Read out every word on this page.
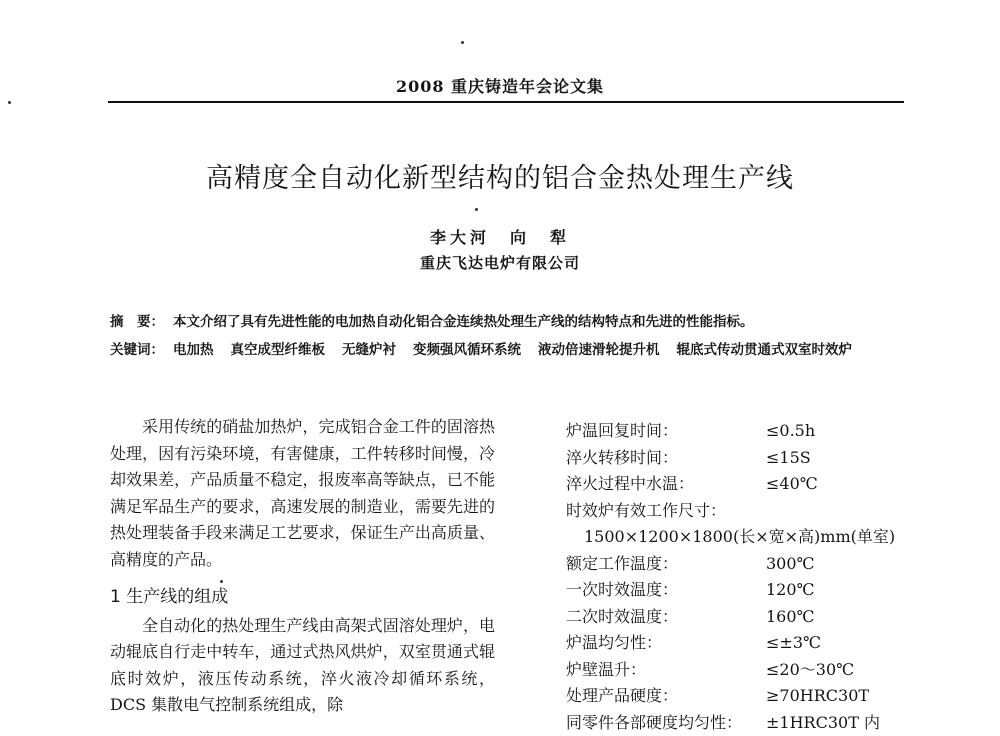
2008 重庆铸造年会论文集
高精度全自动化新型结构的铝合金热处理生产线
李大河　向　犁
重庆飞达电炉有限公司
摘　要： 本文介绍了具有先进性能的电加热自动化铝合金连续热处理生产线的结构特点和先进的性能指标。
关键词： 电加热 真空成型纤维板 无缝炉衬 变频强风循环系统 液动倍速滑轮提升机 辊底式传动贯通式双室时效炉

采用传统的硝盐加热炉，完成铝合金工件的固溶热处理，因有污染环境，有害健康，工件转移时间慢，冷却效果差，产品质量不稳定，报废率高等缺点，已不能满足军品生产的要求，高速发展的制造业，需要先进的热处理装备手段来满足工艺要求，保证生产出高质量、高精度的产品。

1 生产线的组成

全自动化的热处理生产线由高架式固溶处理炉，电动辊底自行走中转车，通过式热风烘炉，双室贯通式辊底时效炉，液压传动系统，淬火液冷却循环系统，DCS 集散电气控制系统组成，除

炉温回复时间：	≤0.5h
淬火转移时间：	≤15S
淬火过程中水温：	≤40℃
时效炉有效工作尺寸：
1500×1200×1800(长×宽×高)mm(单室)
额定工作温度：	300℃
一次时效温度：	120℃
二次时效温度：	160℃
炉温均匀性：	≤±3℃
炉壁温升：	≤20～30℃
处理产品硬度：	≥70HRC30T
同零件各部硬度均匀性： ±1HRC30T 内
